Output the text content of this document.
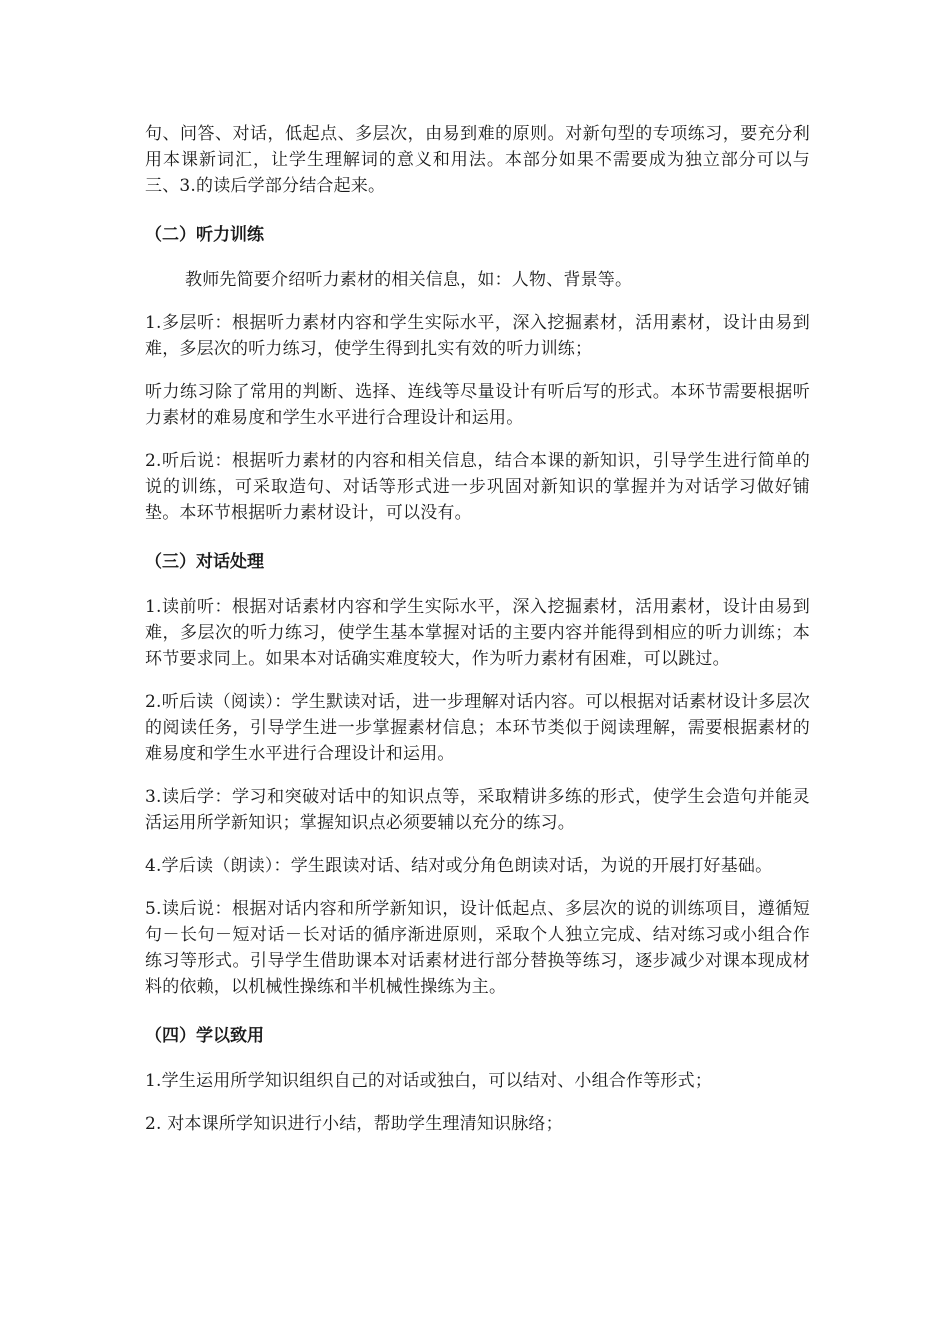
句、问答、对话，低起点、多层次，由易到难的原则。对新句型的专项练习，要充分利用本课新词汇，让学生理解词的意义和用法。本部分如果不需要成为独立部分可以与三、3.的读后学部分结合起来。

（二）听力训练

教师先简要介绍听力素材的相关信息，如：人物、背景等。

1.多层听：根据听力素材内容和学生实际水平，深入挖掘素材，活用素材，设计由易到难，多层次的听力练习，使学生得到扎实有效的听力训练；

听力练习除了常用的判断、选择、连线等尽量设计有听后写的形式。本环节需要根据听力素材的难易度和学生水平进行合理设计和运用。

2.听后说：根据听力素材的内容和相关信息，结合本课的新知识，引导学生进行简单的说的训练，可采取造句、对话等形式进一步巩固对新知识的掌握并为对话学习做好铺垫。本环节根据听力素材设计，可以没有。

（三）对话处理

1.读前听：根据对话素材内容和学生实际水平，深入挖掘素材，活用素材，设计由易到难，多层次的听力练习，使学生基本掌握对话的主要内容并能得到相应的听力训练；本环节要求同上。如果本对话确实难度较大，作为听力素材有困难，可以跳过。

2.听后读（阅读）：学生默读对话，进一步理解对话内容。可以根据对话素材设计多层次的阅读任务，引导学生进一步掌握素材信息；本环节类似于阅读理解，需要根据素材的难易度和学生水平进行合理设计和运用。

3.读后学：学习和突破对话中的知识点等，采取精讲多练的形式，使学生会造句并能灵活运用所学新知识；掌握知识点必须要辅以充分的练习。

4.学后读（朗读）：学生跟读对话、结对或分角色朗读对话，为说的开展打好基础。

5.读后说：根据对话内容和所学新知识，设计低起点、多层次的说的训练项目，遵循短句－长句－短对话－长对话的循序渐进原则，采取个人独立完成、结对练习或小组合作练习等形式。引导学生借助课本对话素材进行部分替换等练习，逐步减少对课本现成材料的依赖，以机械性操练和半机械性操练为主。

（四）学以致用

1.学生运用所学知识组织自己的对话或独白，可以结对、小组合作等形式；

2. 对本课所学知识进行小结，帮助学生理清知识脉络；
